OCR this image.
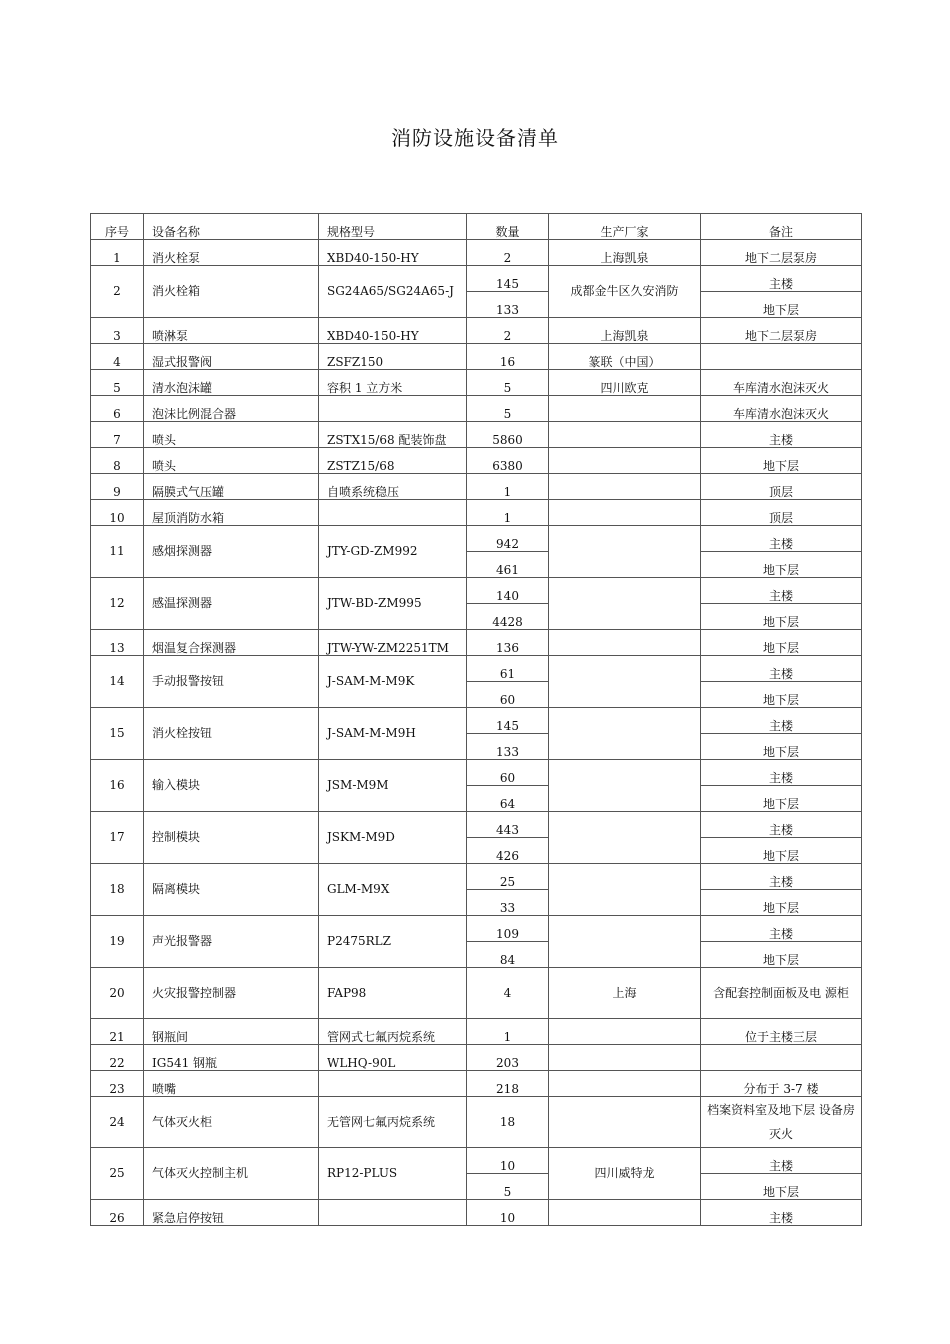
消防设施设备清单
序号	设备名称	规格型号	数量	生产厂家	备注
1	消火栓泵	XBD40-150-HY	2	上海凯泉	地下二层泵房
2	消火栓箱	SG24A65/SG24A65-J	145	成都金牛区久安消防	主楼
			133		地下层
3	喷淋泵	XBD40-150-HY	2	上海凯泉	地下二层泵房
4	湿式报警阀	ZSFZ150	16	篆联（中国）	
5	清水泡沫罐	容积 1 立方米	5	四川欧克	车库清水泡沫灭火
6	泡沫比例混合器		5		车库清水泡沫灭火
7	喷头	ZSTX15/68 配装饰盘	5860		主楼
8	喷头	ZSTZ15/68	6380		地下层
9	隔膜式气压罐	自喷系统稳压	1		顶层
10	屋顶消防水箱		1		顶层
11	感烟探测器	JTY-GD-ZM992	942		主楼
			461		地下层
12	感温探测器	JTW-BD-ZM995	140		主楼
			4428		地下层
13	烟温复合探测器	JTW-YW-ZM2251TM	136		地下层
14	手动报警按钮	J-SAM-M-M9K	61		主楼
			60		地下层
15	消火栓按钮	J-SAM-M-M9H	145		主楼
			133		地下层
16	输入模块	JSM-M9M	60		主楼
			64		地下层
17	控制模块	JSKM-M9D	443		主楼
			426		地下层
18	隔离模块	GLM-M9X	25		主楼
			33		地下层
19	声光报警器	P2475RLZ	109		主楼
			84		地下层
20	火灾报警控制器	FAP98	4	上海	含配套控制面板及电 源柜
21	钢瓶间	管网式七氟丙烷系统	1		位于主楼三层
22	IG541 钢瓶	WLHQ-90L	203		
23	喷嘴		218		分布于 3-7 楼
24	气体灭火柜	无管网七氟丙烷系统	18		档案资料室及地下层 设备房灭火
25	气体灭火控制主机	RP12-PLUS	10	四川威特龙	主楼
			5		地下层
26	紧急启停按钮		10		主楼
